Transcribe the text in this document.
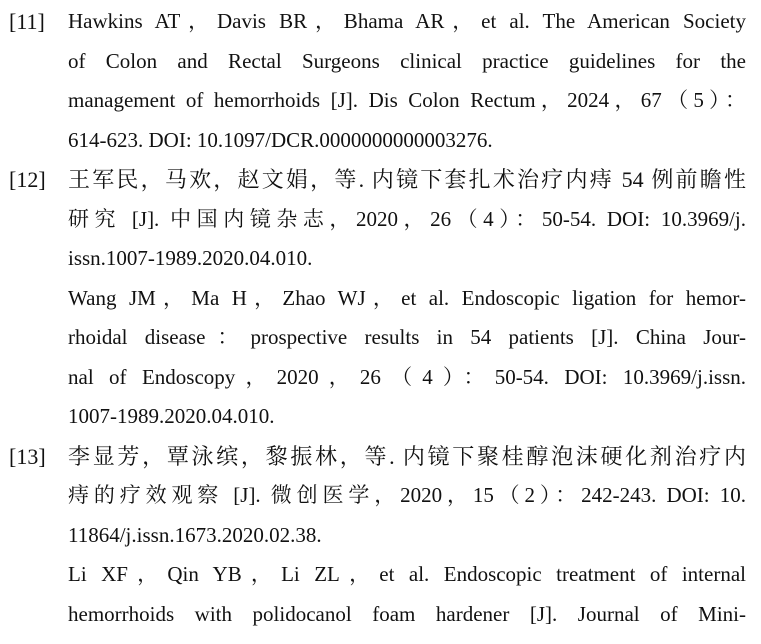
[11]	Hawkins AT，Davis BR，Bhama AR，et al. The American Society
of Colon and Rectal Surgeons clinical practice guidelines for the
management of hemorrhoids [J]. Dis Colon Rectum，2024，67（5）：
614-623. DOI: 10.1097/DCR.0000000000003276.
[12]	王军民，马欢，赵文娟，等. 内镜下套扎术治疗内痔 54 例前瞻性
研究 [J]. 中国内镜杂志，2020，26（4）：50-54. DOI: 10.3969/j.
issn.1007-1989.2020.04.010.
Wang JM，Ma H，Zhao WJ，et al. Endoscopic ligation for hemor-
rhoidal disease：prospective results in 54 patients [J]. China Jour-
nal of Endoscopy，2020，26（4）：50-54. DOI: 10.3969/j.issn.
1007-1989.2020.04.010.
[13]	李显芳，覃泳缤，黎振林，等. 内镜下聚桂醇泡沫硬化剂治疗内
痔的疗效观察 [J]. 微创医学，2020，15（2）：242-243. DOI: 10.
11864/j.issn.1673.2020.02.38.
Li XF，Qin YB，Li ZL，et al. Endoscopic treatment of internal
hemorrhoids with polidocanol foam hardener [J]. Journal of Mini-
